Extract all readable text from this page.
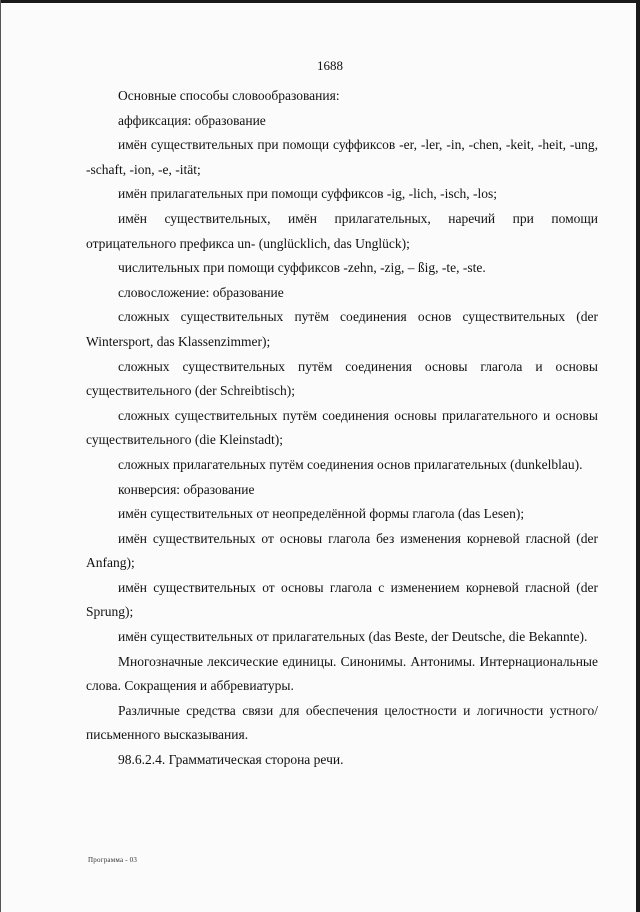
1688

Основные способы словообразования:

аффиксация: образование

имён существительных при помощи суффиксов -er, -ler, -in, -chen, -keit, -heit, -ung, -schaft, -ion, -e, -ität;

имён прилагательных при помощи суффиксов -ig, -lich, -isch, -los;

имён существительных, имён прилагательных, наречий при помощи отрицательного префикса un- (unglücklich, das Unglück);

числительных при помощи суффиксов -zehn, -zig, – ßig, -te, -ste.

словосложение: образование

сложных существительных путём соединения основ существительных (der Wintersport, das Klassenzimmer);

сложных существительных путём соединения основы глагола и основы существительного (der Schreibtisch);

сложных существительных путём соединения основы прилагательного и основы существительного (die Kleinstadt);

сложных прилагательных путём соединения основ прилагательных (dunkelblau).

конверсия: образование

имён существительных от неопределённой формы глагола (das Lesen);

имён существительных от основы глагола без изменения корневой гласной (der Anfang);

имён существительных от основы глагола с изменением корневой гласной (der Sprung);

имён существительных от прилагательных (das Beste, der Deutsche, die Bekannte).

Многозначные лексические единицы. Синонимы. Антонимы. Интернациональные слова. Сокращения и аббревиатуры.

Различные средства связи для обеспечения целостности и логичности устного/письменного высказывания.

98.6.2.4. Грамматическая сторона речи.

Программа - 03
